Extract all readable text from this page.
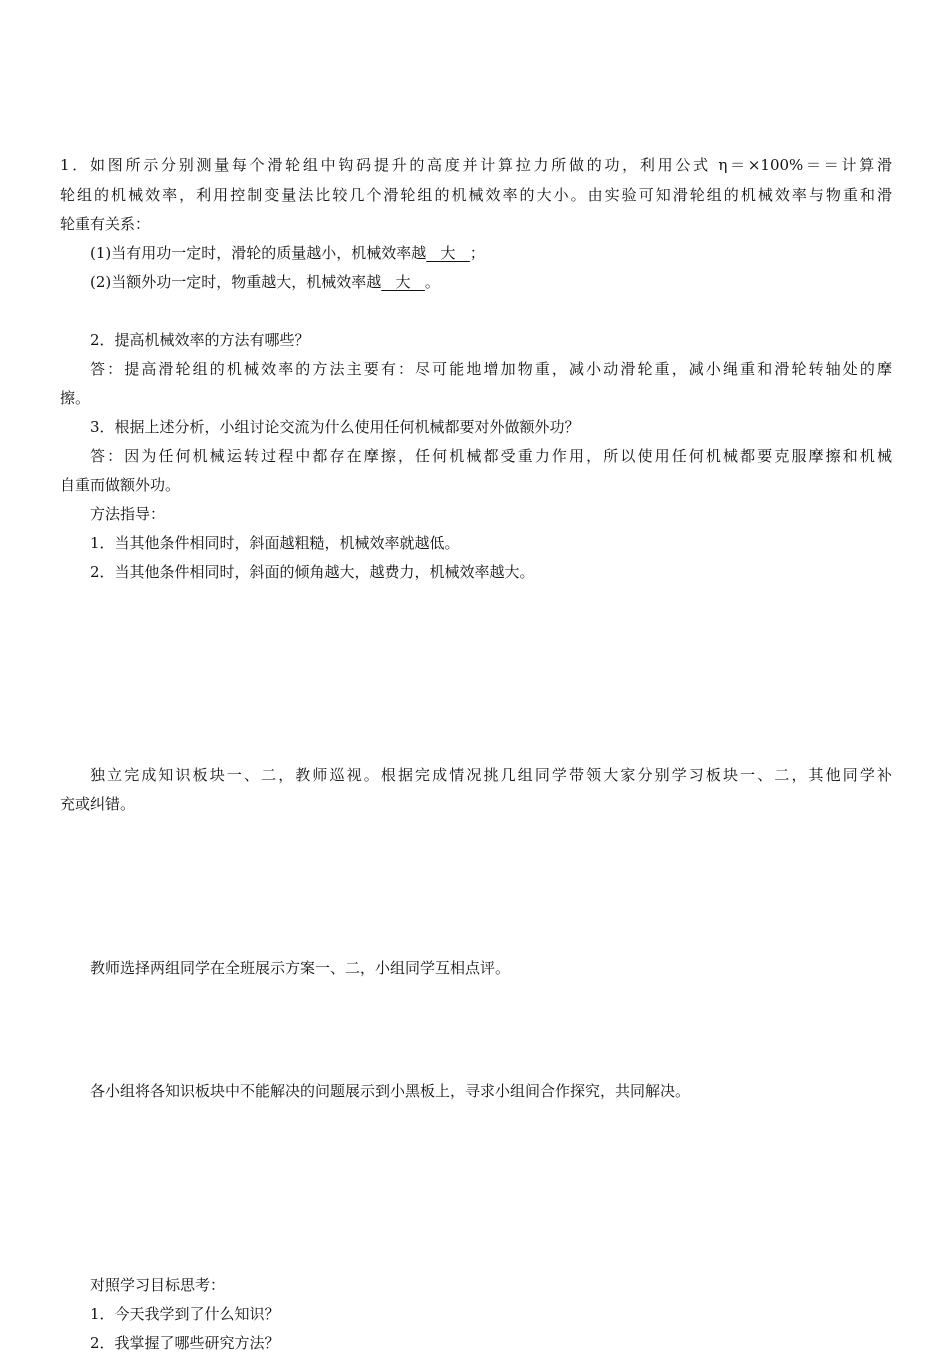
1．如图所示分别测量每个滑轮组中钩码提升的高度并计算拉力所做的功，利用公式 η＝×100%＝＝计算滑
轮组的机械效率，利用控制变量法比较几个滑轮组的机械效率的大小。由实验可知滑轮组的机械效率与物重和滑
轮重有关系：
(1)当有用功一定时，滑轮的质量越小，机械效率越   大   ；
(2)当额外功一定时，物重越大，机械效率越   大   。
2．提高机械效率的方法有哪些？
答：提高滑轮组的机械效率的方法主要有：尽可能地增加物重，减小动滑轮重，减小绳重和滑轮转轴处的摩
擦。
3．根据上述分析，小组讨论交流为什么使用任何机械都要对外做额外功？
答：因为任何机械运转过程中都存在摩擦，任何机械都受重力作用，所以使用任何机械都要克服摩擦和机械
自重而做额外功。
方法指导：
1．当其他条件相同时，斜面越粗糙，机械效率就越低。
2．当其他条件相同时，斜面的倾角越大，越费力，机械效率越大。
独立完成知识板块一、二，教师巡视。根据完成情况挑几组同学带领大家分别学习板块一、二，其他同学补
充或纠错。
教师选择两组同学在全班展示方案一、二，小组同学互相点评。
各小组将各知识板块中不能解决的问题展示到小黑板上，寻求小组间合作探究，共同解决。
对照学习目标思考：
1．今天我学到了什么知识？
2．我掌握了哪些研究方法？
